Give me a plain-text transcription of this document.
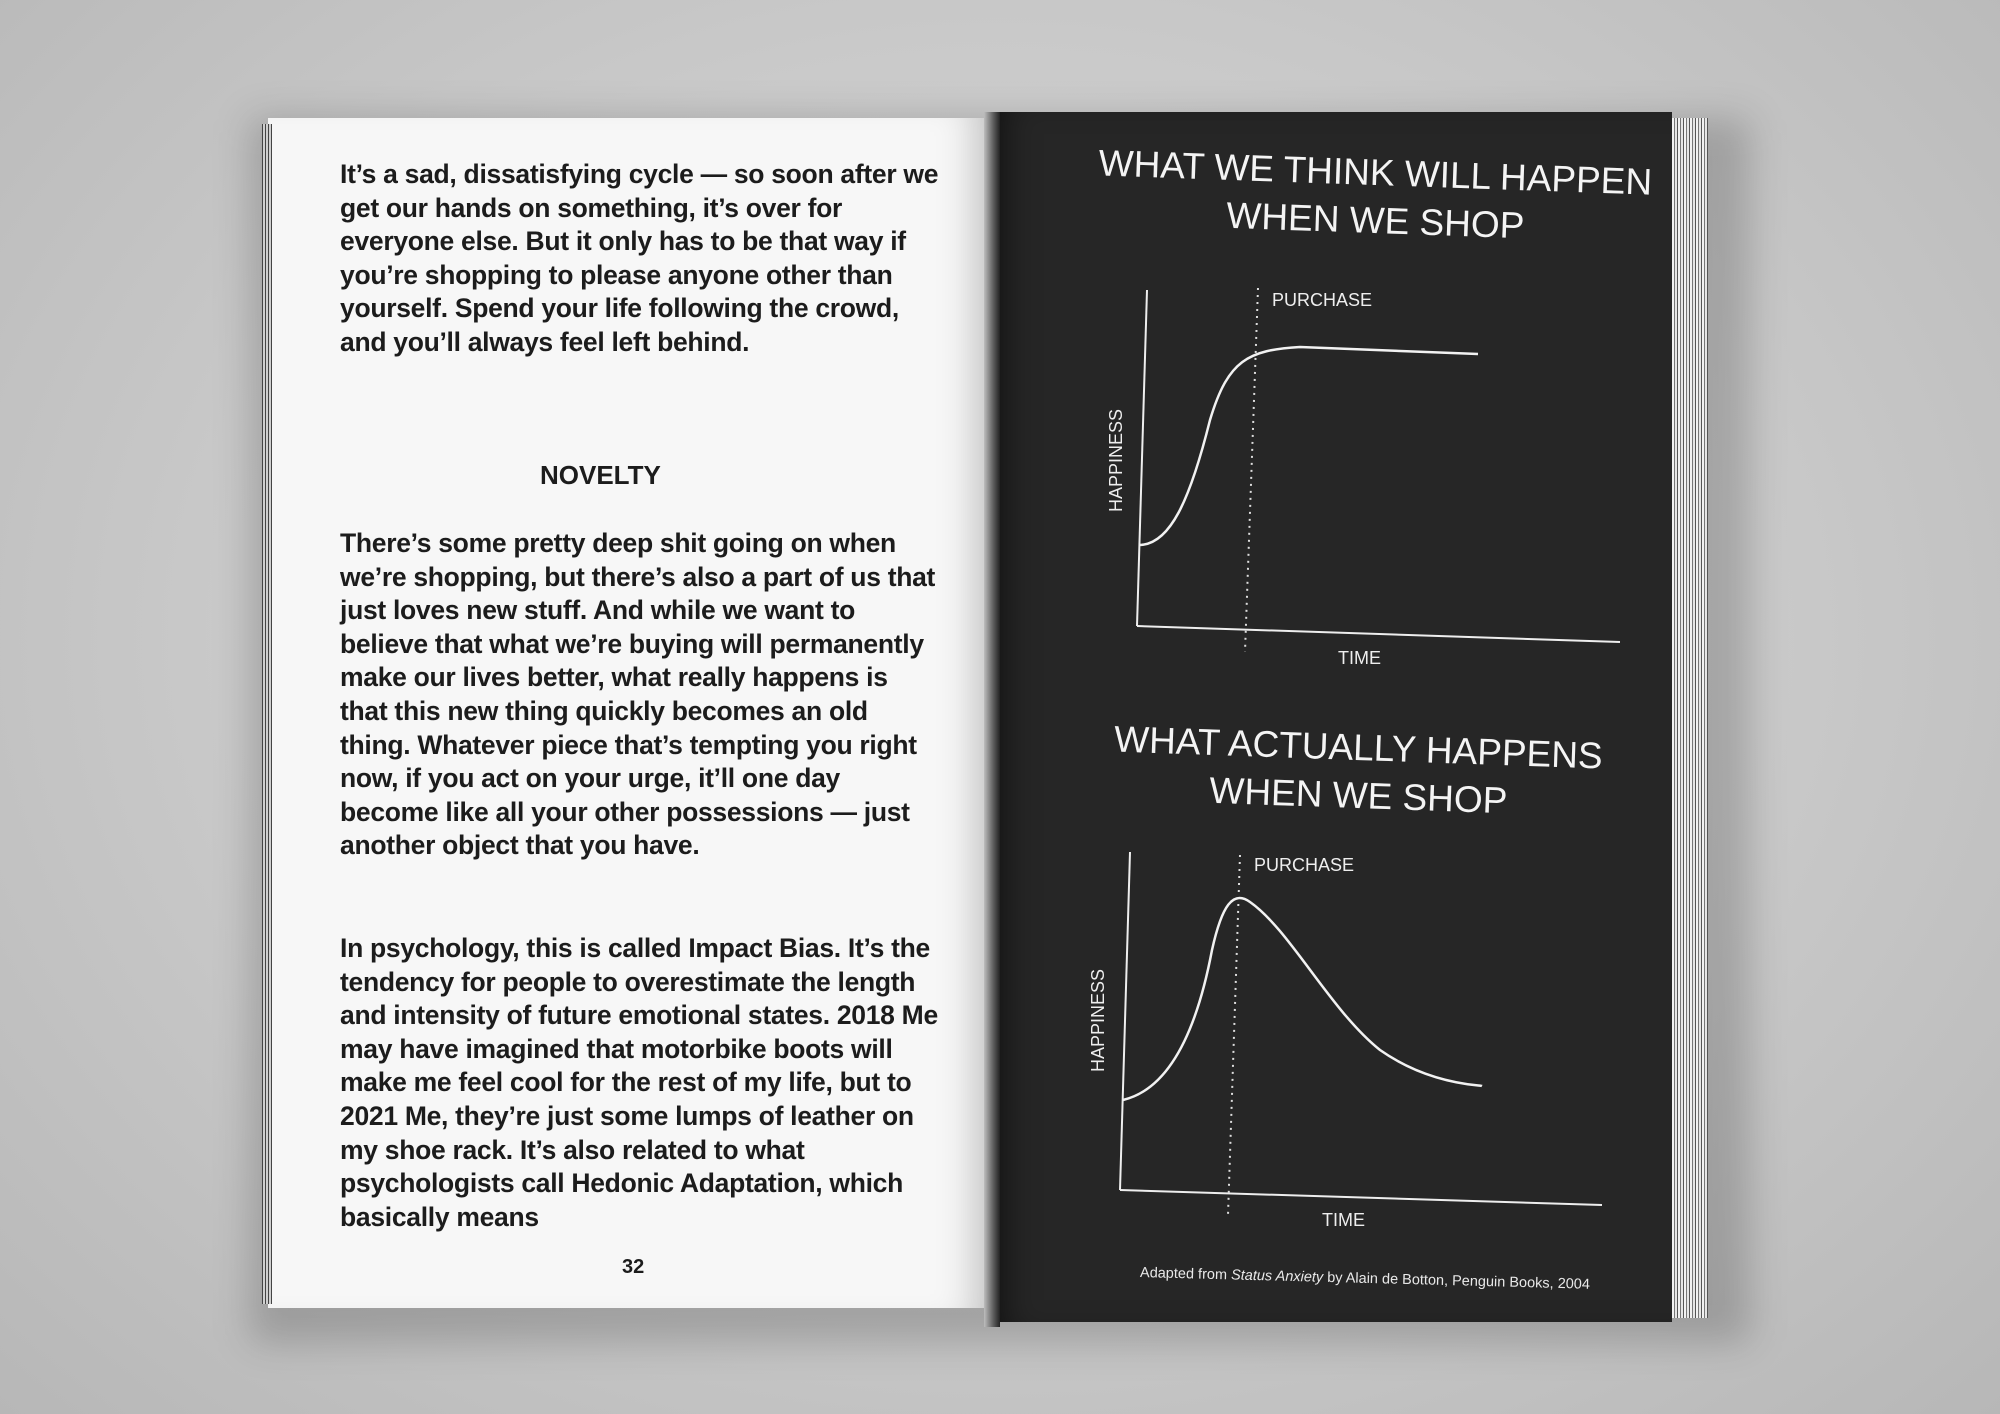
It’s a sad, dissatisfying cycle — so soon after we get our hands on something, it’s over for everyone else. But it only has to be that way if you’re shopping to please anyone other than yourself. Spend your life following the crowd, and you’ll always feel left behind.

NOVELTY

There’s some pretty deep shit going on when we’re shopping, but there’s also a part of us that just loves new stuff. And while we want to believe that what we’re buying will permanently make our lives better, what really happens is that this new thing quickly becomes an old thing. Whatever piece that’s tempting you right now, if you act on your urge, it’ll one day become like all your other possessions — just another object that you have.

In psychology, this is called Impact Bias. It’s the tendency for people to overestimate the length and intensity of future emotional states. 2018 Me may have imagined that motorbike boots will make me feel cool for the rest of my life, but to 2021 Me, they’re just some lumps of leather on my shoe rack. It’s also related to what psychologists call Hedonic Adaptation, which basically means

32
WHAT WE THINK WILL HAPPEN
WHEN WE SHOP
PURCHASE
HAPPINESS
TIME
WHAT ACTUALLY HAPPENS
WHEN WE SHOP
PURCHASE
HAPPINESS
TIME
Adapted from Status Anxiety by Alain de Botton, Penguin Books, 2004
